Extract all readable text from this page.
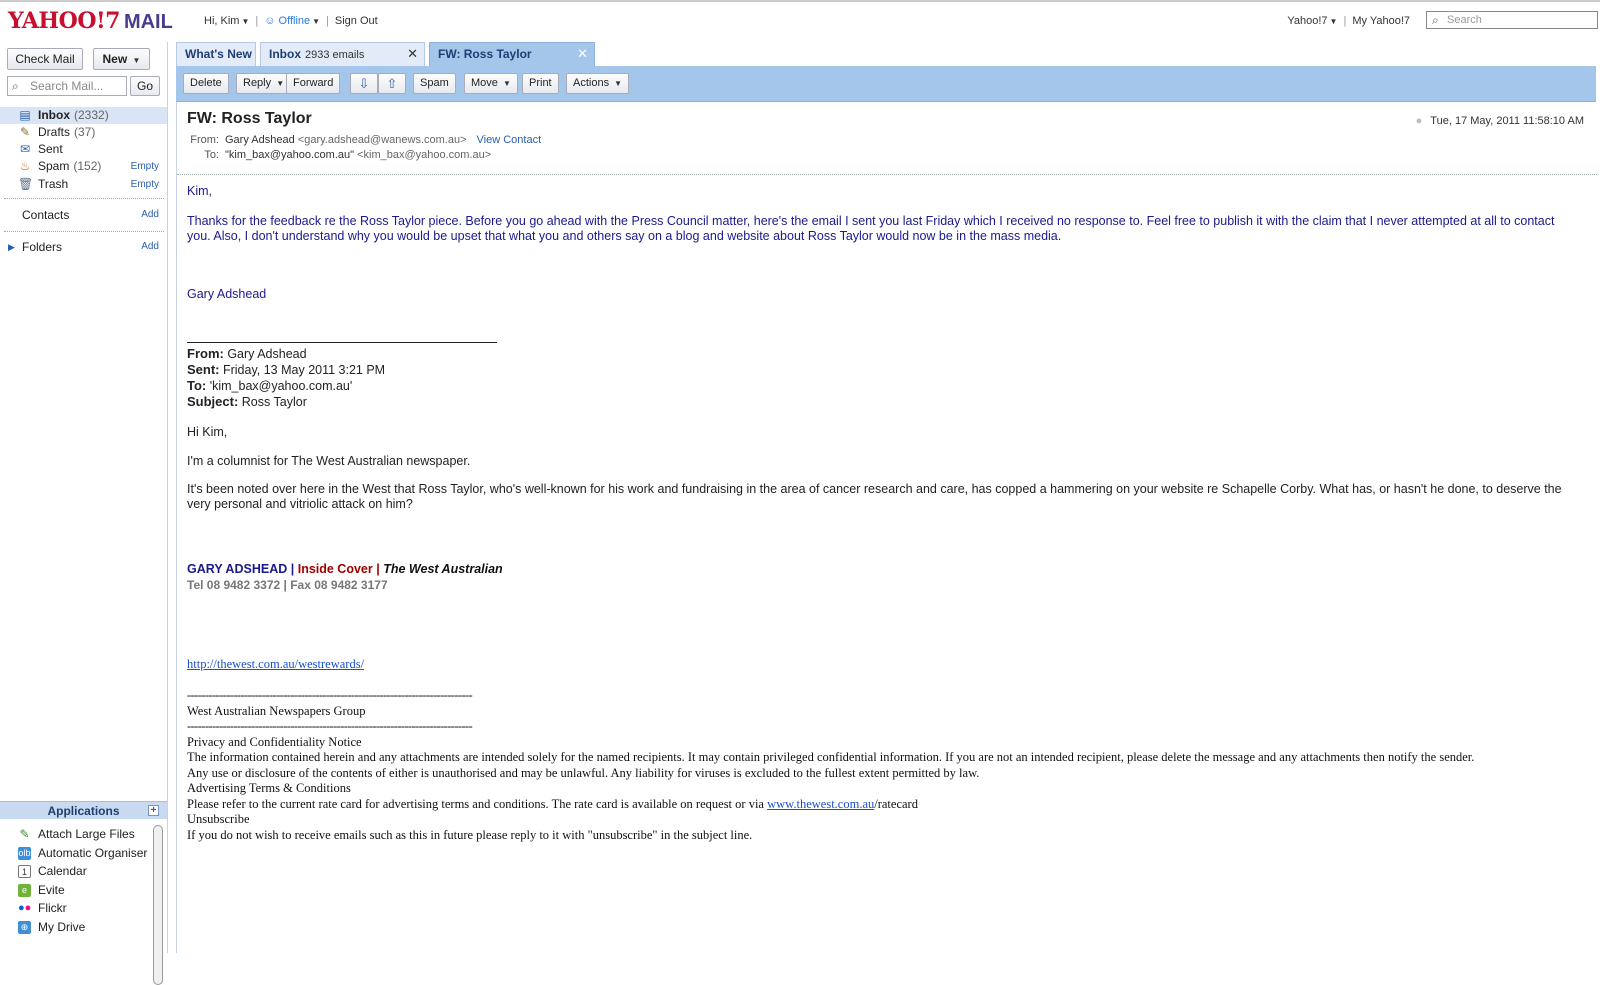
YAHOO!7 MAIL	Hi, Kim ▼ | ☺ Offline ▼ | Sign Out	Yahoo!7 ▼ | My Yahoo!7 ⌕ Search
Check Mail	New ▼
⌕ Search Mail...	Go
▤ Inbox (2332)
✎ Drafts (37)
✉ Sent
♨ Spam (152)	Empty
🗑 Trash	Empty
Contacts	Add
▶ Folders	Add
Applications	+
✎ Attach Large Files
olb Automatic Organiser
1 Calendar
e Evite
●● Flickr
⊕ My Drive
What's New	Inbox 2933 emails	✕	FW: Ross Taylor	✕
Delete	Reply ▼ Forward	⇩	⇧	Spam	Move ▼	Print	Actions ▼
FW: Ross Taylor	● Tue, 17 May, 2011 11:58:10 AM
From: Gary Adshead <gary.adshead@wanews.com.au> View Contact
To: "kim_bax@yahoo.com.au" <kim_bax@yahoo.com.au>
Kim,
Thanks for the feedback re the Ross Taylor piece. Before you go ahead with the Press Council matter, here's the email I sent you last Friday which I received no response to. Feel free to publish it with the claim that I never attempted at all to contact you. Also, I don't understand why you would be upset that what you and others say on a blog and website about Ross Taylor would now be in the mass media.
Gary Adshead
From: Gary Adshead
Sent: Friday, 13 May 2011 3:21 PM
To: 'kim_bax@yahoo.com.au'
Subject: Ross Taylor
Hi Kim,
I'm a columnist for The West Australian newspaper.
It's been noted over here in the West that Ross Taylor, who's well-known for his work and fundraising in the area of cancer research and care, has copped a hammering on your website re Schapelle Corby. What has, or hasn't he done, to deserve the very personal and vitriolic attack on him?
GARY ADSHEAD | Inside Cover | The West Australian
Tel 08 9482 3372 | Fax 08 9482 3177
http://thewest.com.au/westrewards/
--------------------------------------------------------------------------------
West Australian Newspapers Group
--------------------------------------------------------------------------------
Privacy and Confidentiality Notice
The information contained herein and any attachments are intended solely for the named recipients. It may contain privileged confidential information. If you are not an intended recipient, please delete the message and any attachments then notify the sender.
Any use or disclosure of the contents of either is unauthorised and may be unlawful. Any liability for viruses is excluded to the fullest extent permitted by law.
Advertising Terms & Conditions
Please refer to the current rate card for advertising terms and conditions. The rate card is available on request or via www.thewest.com.au/ratecard
Unsubscribe
If you do not wish to receive emails such as this in future please reply to it with "unsubscribe" in the subject line.
